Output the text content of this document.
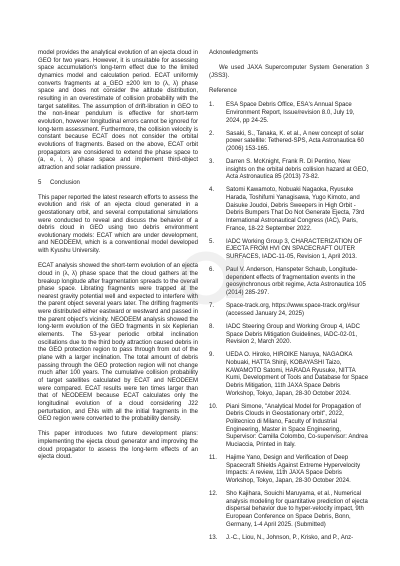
model provides the analytical evolution of an ejecta cloud in GEO for two years. However, it is unsuitable for assessing space accumulation's long-term effect due to the limited dynamics model and calculation period. ECAT uniformly converts fragments at a_GEO ±200 km to (λ, λ̇) phase space and does not consider the altitude distribution, resulting in an overestimate of collision probability with the target satellites. The assumption of drift-libration in GEO to the non-linear pendulum is effective for short-term evolution, however longitudinal errors cannot be ignored for long-term assessment. Furthermore, the collision velocity is constant because ECAT does not consider the orbital evolutions of fragments. Based on the above, ECAT orbit propagators are considered to extend the phase space to (a, e, i, λ) phase space and implement third-object attraction and solar radiation pressure.

5 Conclusion

This paper reported the latest research efforts to assess the evolution and risk of an ejecta cloud generated in a geostationary orbit, and several computational simulations were conducted to reveal and discuss the behavior of a debris cloud in GEO using two debris environment evolutionary models: ECAT which are under development, and NEODEEM, which is a conventional model developed with Kyushu University.

ECAT analysis showed the short-term evolution of an ejecta cloud in (λ, λ̇) phase space that the cloud gathers at the breakup longitude after fragmentation spreads to the overall phase space. Librating fragments were trapped at the nearest gravity potential well and expected to interfere with the parent object several years later. The drifting fragments were distributed either eastward or westward and passed in the parent object's vicinity. NEODEEM analysis showed the long-term evolution of the GEO fragments in six Keplerian elements. The 53-year periodic orbital inclination oscillations due to the third body attraction caused debris in the GEO protection region to pass through from out of the plane with a larger inclination. The total amount of debris passing through the GEO protection region will not change much after 100 years. The cumulative collision probability of target satellites calculated by ECAT and NEODEEM were compared. ECAT results were ten times larger than that of NEODEEM because ECAT calculates only the longitudinal evolution of a cloud considering J22 perturbation, and ENs with all the initial fragments in the GEO region were converted to the probability density.

This paper introduces two future development plans: implementing the ejecta cloud generator and improving the cloud propagator to assess the long-term effects of an ejecta cloud.

Acknowledgments

We used JAXA Supercomputer System Generation 3 (JSS3).

Reference
1.	ESA Space Debris Office, ESA's Annual Space Environment Report, Issue/revision 8.0, July 19, 2024, pp 24-25.
2.	Sasaki, S., Tanaka, K. et al., A new concept of solar power satellite: Tethered-SPS, Acta Astronautica 60 (2006) 153-165.
3.	Darren S. McKnight, Frank R. Di Pentino, New insights on the orbital debris collision hazard at GEO, Acta Astronautica 85 (2013) 73-82.
4.	Satomi Kawamoto, Nobuaki Nagaoka, Ryusuke Harada, Toshifumi Yanagisawa, Yugo Kimoto, and Daisuke Joudoi, Debris Sweepers in High Orbit - Debris Bumpers That Do Not Generate Ejecta, 73rd International Astronautical Congress (IAC), Paris, France, 18-22 September 2022.
5.	IADC Working Group 3, CHARACTERIZATION OF EJECTA FROM HVI ON SPACECRAFT OUTER SURFACES, IADC-11-05, Revision 1, April 2013.
6.	Paul V. Anderson, Hanspeter Schaub, Longitude-dependent effects of fragmentation events in the geosynchronous orbit regime, Acta Astronautica 105 (2014) 285-297.
7.	Space-track.org, https://www.space-track.org/#sur (accessed January 24, 2025)
8.	IADC Steering Group and Working Group 4, IADC Space Debris Mitigation Guidelines, IADC-02-01, Revision 2, March 2020.
9.	UEDA O. Hiroko, HIROIKE Naruya, NAGAOKA Nobuaki, HATTA Shinji, KOBAYASHI Taizo, KAWAMOTO Satomi, HARADA Ryusuke, NITTA Kumi, Development of Tools and Database for Space Debris Mitigation, 11th JAXA Space Debris Workshop, Tokyo, Japan, 28-30 October 2024.
10.	Piani Simone, "Analytical Model for Propagation of Debris Clouds in Geostationary orbit", 2022, Politecnico di Milano, Faculty of Industrial Engineering, Master in Space Engineering, Supervisor: Camilla Colombo, Co-supervisor: Andrea Muciaccia, Printed in Italy.
11.	Hajime Yano, Design and Verification of Deep Spacecraft Shields Against Extreme Hypervelocity Impacts: A review, 11th JAXA Space Debris Workshop, Tokyo, Japan, 28-30 October 2024.
12.	Sho Kajihara, Souichi Maruyama, et al., Numerical analysis modeling for quantitative prediction of ejecta dispersal behavior due to hyper-velocity impact, 9th European Conference on Space Debris, Bonn, Germany, 1-4 April 2025. (Submitted)
13.	J.-C., Liou, N., Johnson, P., Krisko, and P., Anz-
